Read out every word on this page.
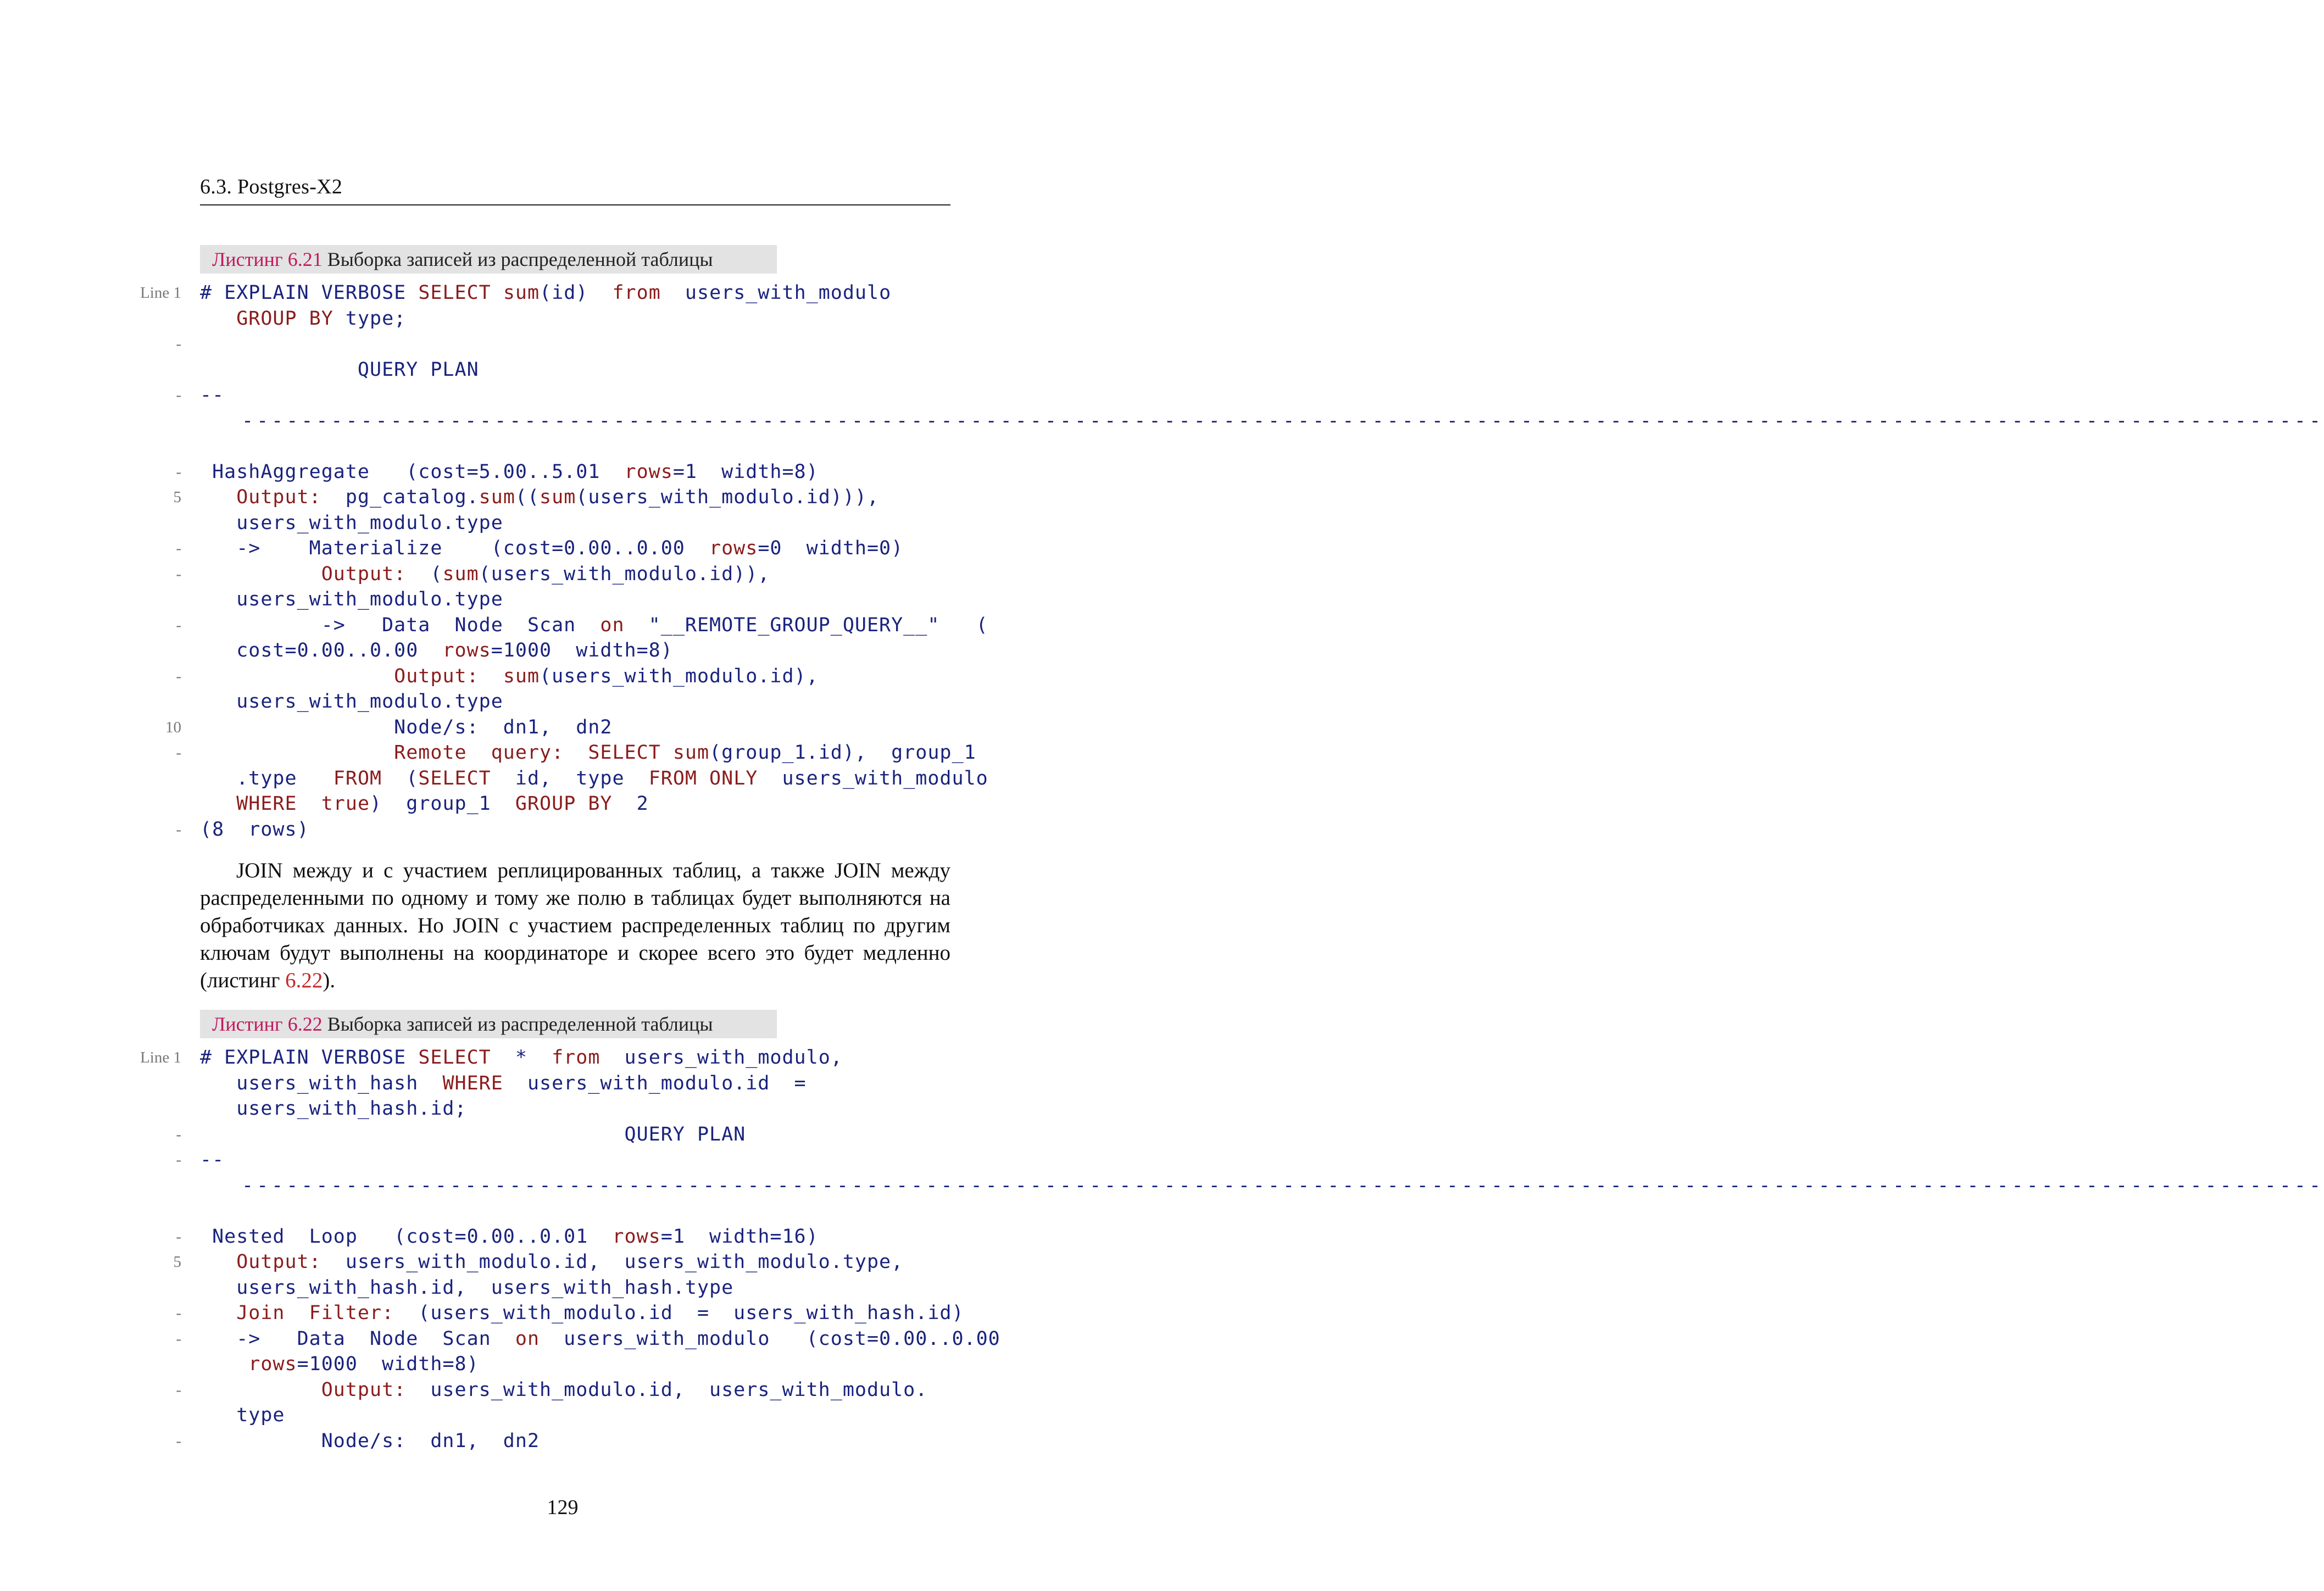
6.3. Postgres-X2
Листинг 6.21 Выборка записей из распределенной таблицы
Line 1 # EXPLAIN VERBOSE SELECT sum(id)  from  users_with_modulo
GROUP BY type;
-
QUERY PLAN
- --
--------------------------------------------------------------------------------------------------------------------------------------------
- HashAggregate   (cost=5.00..5.01  rows=1  width=8)
5	Output:  pg_catalog.sum((sum(users_with_modulo.id))),
users_with_modulo.type
- ->    Materialize    (cost=0.00..0.00  rows=0  width=0)
-	Output:  (sum(users_with_modulo.id)),
users_with_modulo.type
- ->   Data  Node  Scan  on  "__REMOTE_GROUP_QUERY__"   (
cost=0.00..0.00  rows=1000  width=8)
-	Output: sum(users_with_modulo.id),
users_with_modulo.type
10 Node/s:  dn1,  dn2
-	Remote  query: SELECT sum(group_1.id),  group_1
.type   FROM  (SELECT  id,  type  FROM ONLY  users_with_modulo
WHERE true)  group_1  GROUP BY  2
- (8  rows)
JOIN между и с участием реплицированных таблиц, а также JOIN между распределенными по одному и тому же полю в таблицах будет выполняются на обработчиках данных. Но JOIN с участием распределенных таблиц по другим ключам будут выполнены на координаторе и скорее всего это будет медленно (листинг 6.22).
Листинг 6.22 Выборка записей из распределенной таблицы
Line 1 # EXPLAIN VERBOSE SELECT  *  from  users_with_modulo,
users_with_hash  WHERE  users_with_modulo.id  =
users_with_hash.id;
- QUERY PLAN
- --
--------------------------------------------------------------------------------------------------------------------------------------------
- Nested  Loop   (cost=0.00..0.01  rows=1  width=16)
5	Output:  users_with_modulo.id,  users_with_modulo.type,
users_with_hash.id,  users_with_hash.type
-	Join  Filter:  (users_with_modulo.id  =  users_with_hash.id)
- ->   Data  Node  Scan  on  users_with_modulo   (cost=0.00..0.00
rows=1000  width=8)
-	Output:  users_with_modulo.id,  users_with_modulo.
type
- Node/s:  dn1,  dn2
129
